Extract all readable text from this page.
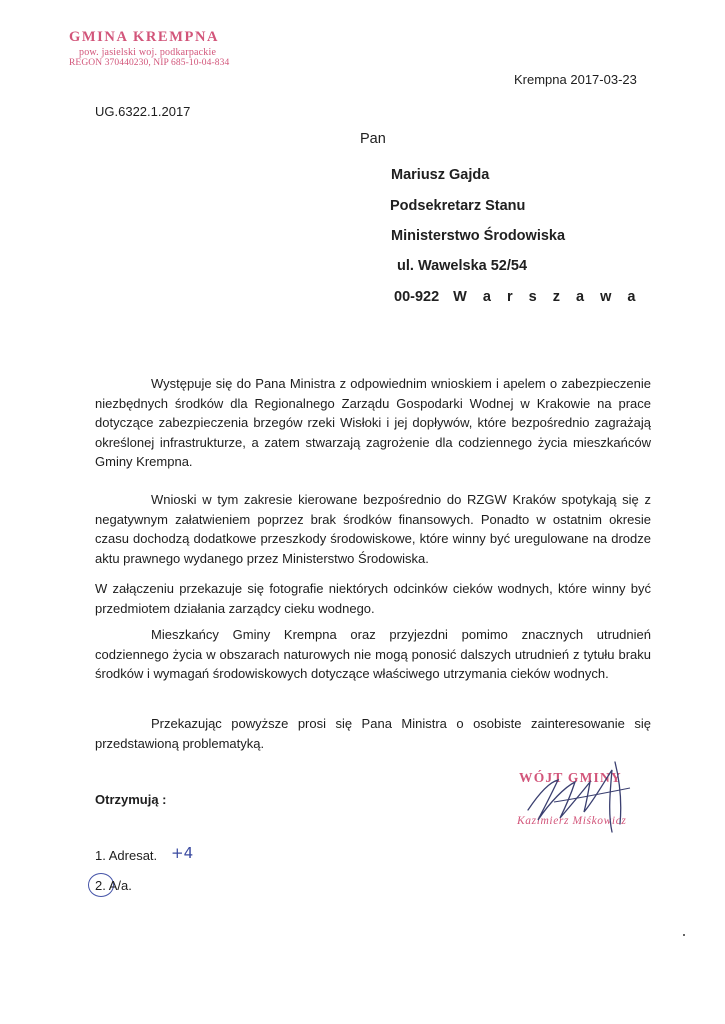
GMINA KREMPNA
pow. jasielski woj. podkarpackie
REGON 370440230, NIP 685-10-04-834
Krempna 2017-03-23
UG.6322.1.2017
Pan
Mariusz Gajda
Podsekretarz Stanu
Ministerstwo Środowiska
ul. Wawelska 52/54
00-922 W a r s z a w a

Występuje się do Pana Ministra z odpowiednim wnioskiem i apelem o zabezpieczenie niezbędnych środków dla Regionalnego Zarządu Gospodarki Wodnej w Krakowie na prace dotyczące zabezpieczenia brzegów rzeki Wisłoki i jej dopływów, które bezpośrednio zagrażają określonej infrastrukturze, a zatem stwarzają zagrożenie dla codziennego życia mieszkańców Gminy Krempna.

Wnioski w tym zakresie kierowane bezpośrednio do RZGW Kraków spotykają się z negatywnym załatwieniem poprzez brak środków finansowych. Ponadto w ostatnim okresie czasu dochodzą dodatkowe przeszkody środowiskowe, które winny być uregulowane na drodze aktu prawnego wydanego przez Ministerstwo Środowiska.

W załączeniu przekazuje się fotografie niektórych odcinków cieków wodnych, które winny być przedmiotem działania zarządcy cieku wodnego.

Mieszkańcy Gminy Krempna oraz przyjezdni pomimo znacznych utrudnień codziennego życia w obszarach naturowych nie mogą ponosić dalszych utrudnień z tytułu braku środków i wymagań środowiskowych dotyczące właściwego utrzymania cieków wodnych.

Przekazując powyższe prosi się Pana Ministra o osobiste zainteresowanie się przedstawioną problematyką.

WÓJT GMINY
Kazimierz Miśkowicz
Otrzymują :
1. Adresat. +4
2. A/a.
